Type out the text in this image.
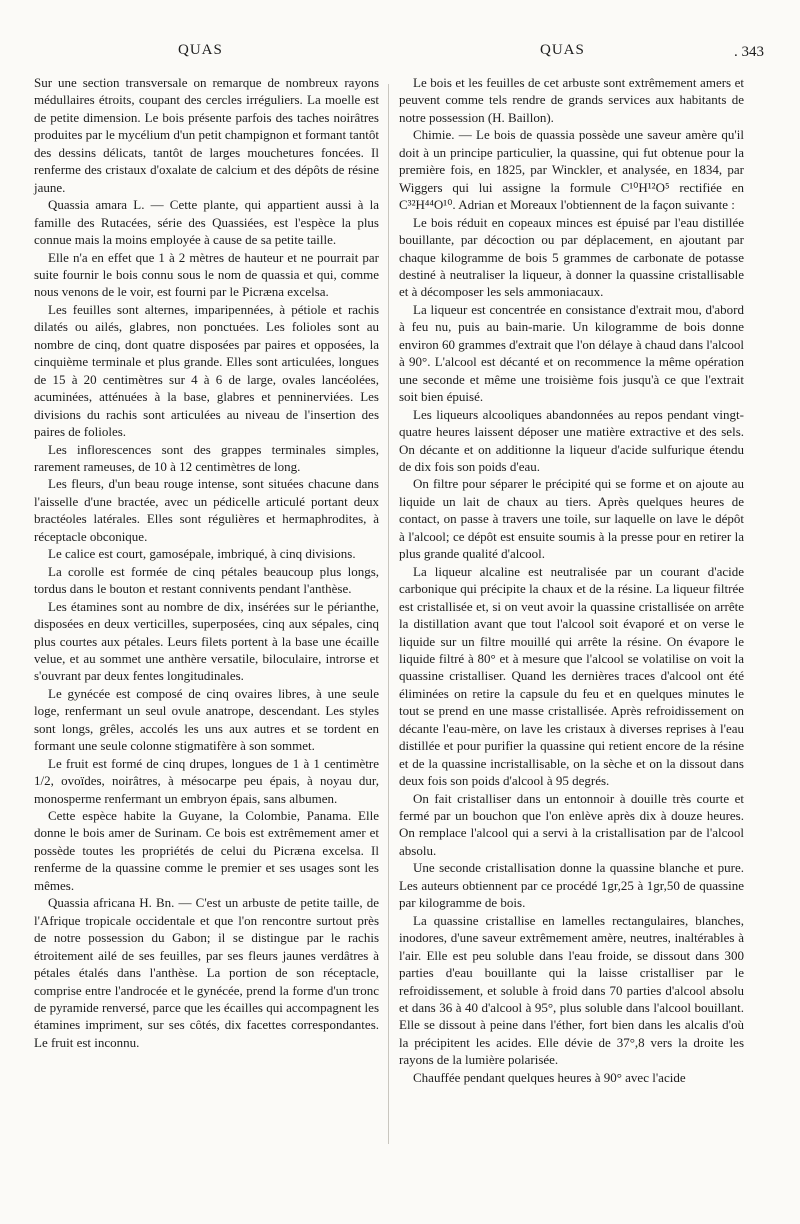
QUAS	QUAS	. 343

Sur une section transversale on remarque de nombreux rayons médullaires étroits, coupant des cercles irréguliers. La moelle est de petite dimension. Le bois présente parfois des taches noirâtres produites par le mycélium d'un petit champignon et formant tantôt des dessins délicats, tantôt de larges mouchetures foncées. Il renferme des cristaux d'oxalate de calcium et des dépôts de résine jaune.

Quassia amara L. — Cette plante, qui appartient aussi à la famille des Rutacées, série des Quassiées, est l'espèce la plus connue mais la moins employée à cause de sa petite taille.

Elle n'a en effet que 1 à 2 mètres de hauteur et ne pourrait par suite fournir le bois connu sous le nom de quassia et qui, comme nous venons de le voir, est fourni par le Picræna excelsa.

Les feuilles sont alternes, imparipennées, à pétiole et rachis dilatés ou ailés, glabres, non ponctuées. Les folioles sont au nombre de cinq, dont quatre disposées par paires et opposées, la cinquième terminale et plus grande. Elles sont articulées, longues de 15 à 20 centimètres sur 4 à 6 de large, ovales lancéolées, acuminées, atténuées à la base, glabres et penninerviées. Les divisions du rachis sont articulées au niveau de l'insertion des paires de folioles.

Les inflorescences sont des grappes terminales simples, rarement rameuses, de 10 à 12 centimètres de long.

Les fleurs, d'un beau rouge intense, sont situées chacune dans l'aisselle d'une bractée, avec un pédicelle articulé portant deux bractéoles latérales. Elles sont régulières et hermaphrodites, à réceptacle obconique.

Le calice est court, gamosépale, imbriqué, à cinq divisions.

La corolle est formée de cinq pétales beaucoup plus longs, tordus dans le bouton et restant connivents pendant l'anthèse.

Les étamines sont au nombre de dix, insérées sur le périanthe, disposées en deux verticilles, superposées, cinq aux sépales, cinq plus courtes aux pétales. Leurs filets portent à la base une écaille velue, et au sommet une anthère versatile, biloculaire, introrse et s'ouvrant par deux fentes longitudinales.

Le gynécée est composé de cinq ovaires libres, à une seule loge, renfermant un seul ovule anatrope, descendant. Les styles sont longs, grêles, accolés les uns aux autres et se tordent en formant une seule colonne stigmatifère à son sommet.

Le fruit est formé de cinq drupes, longues de 1 à 1 centimètre 1/2, ovoïdes, noirâtres, à mésocarpe peu épais, à noyau dur, monosperme renfermant un embryon épais, sans albumen.

Cette espèce habite la Guyane, la Colombie, Panama. Elle donne le bois amer de Surinam. Ce bois est extrêmement amer et possède toutes les propriétés de celui du Picræna excelsa. Il renferme de la quassine comme le premier et ses usages sont les mêmes.

Quassia africana H. Bn. — C'est un arbuste de petite taille, de l'Afrique tropicale occidentale et que l'on rencontre surtout près de notre possession du Gabon; il se distingue par le rachis étroitement ailé de ses feuilles, par ses fleurs jaunes verdâtres à pétales étalés dans l'anthèse. La portion de son réceptacle, comprise entre l'androcée et le gynécée, prend la forme d'un tronc de pyramide renversé, parce que les écailles qui accompagnent les étamines impriment, sur ses côtés, dix facettes correspondantes. Le fruit est inconnu.

Le bois et les feuilles de cet arbuste sont extrêmement amers et peuvent comme tels rendre de grands services aux habitants de notre possession (H. Baillon).

Chimie. — Le bois de quassia possède une saveur amère qu'il doit à un principe particulier, la quassine, qui fut obtenue pour la première fois, en 1825, par Winckler, et analysée, en 1834, par Wiggers qui lui assigne la formule C¹⁰H¹²O⁵ rectifiée en C³²H⁴⁴O¹⁰. Adrian et Moreaux l'obtiennent de la façon suivante :

Le bois réduit en copeaux minces est épuisé par l'eau distillée bouillante, par décoction ou par déplacement, en ajoutant par chaque kilogramme de bois 5 grammes de carbonate de potasse destiné à neutraliser la liqueur, à donner la quassine cristallisable et à décomposer les sels ammoniacaux.

La liqueur est concentrée en consistance d'extrait mou, d'abord à feu nu, puis au bain-marie. Un kilogramme de bois donne environ 60 grammes d'extrait que l'on délaye à chaud dans l'alcool à 90°. L'alcool est décanté et on recommence la même opération une seconde et même une troisième fois jusqu'à ce que l'extrait soit bien épuisé.

Les liqueurs alcooliques abandonnées au repos pendant vingt-quatre heures laissent déposer une matière extractive et des sels. On décante et on additionne la liqueur d'acide sulfurique étendu de dix fois son poids d'eau.

On filtre pour séparer le précipité qui se forme et on ajoute au liquide un lait de chaux au tiers. Après quelques heures de contact, on passe à travers une toile, sur laquelle on lave le dépôt à l'alcool; ce dépôt est ensuite soumis à la presse pour en retirer la plus grande qualité d'alcool.

La liqueur alcaline est neutralisée par un courant d'acide carbonique qui précipite la chaux et de la résine. La liqueur filtrée est cristallisée et, si on veut avoir la quassine cristallisée on arrête la distillation avant que tout l'alcool soit évaporé et on verse le liquide sur un filtre mouillé qui arrête la résine. On évapore le liquide filtré à 80° et à mesure que l'alcool se volatilise on voit la quassine cristalliser. Quand les dernières traces d'alcool ont été éliminées on retire la capsule du feu et en quelques minutes le tout se prend en une masse cristallisée. Après refroidissement on décante l'eau-mère, on lave les cristaux à diverses reprises à l'eau distillée et pour purifier la quassine qui retient encore de la résine et de la quassine incristallisable, on la sèche et on la dissout dans deux fois son poids d'alcool à 95 degrés.

On fait cristalliser dans un entonnoir à douille très courte et fermé par un bouchon que l'on enlève après dix à douze heures. On remplace l'alcool qui a servi à la cristallisation par de l'alcool absolu.

Une seconde cristallisation donne la quassine blanche et pure. Les auteurs obtiennent par ce procédé 1gr,25 à 1gr,50 de quassine par kilogramme de bois.

La quassine cristallise en lamelles rectangulaires, blanches, inodores, d'une saveur extrêmement amère, neutres, inaltérables à l'air. Elle est peu soluble dans l'eau froide, se dissout dans 300 parties d'eau bouillante qui la laisse cristalliser par le refroidissement, et soluble à froid dans 70 parties d'alcool absolu et dans 36 à 40 d'alcool à 95°, plus soluble dans l'alcool bouillant. Elle se dissout à peine dans l'éther, fort bien dans les alcalis d'où la précipitent les acides. Elle dévie de 37°,8 vers la droite les rayons de la lumière polarisée.

Chauffée pendant quelques heures à 90° avec l'acide
